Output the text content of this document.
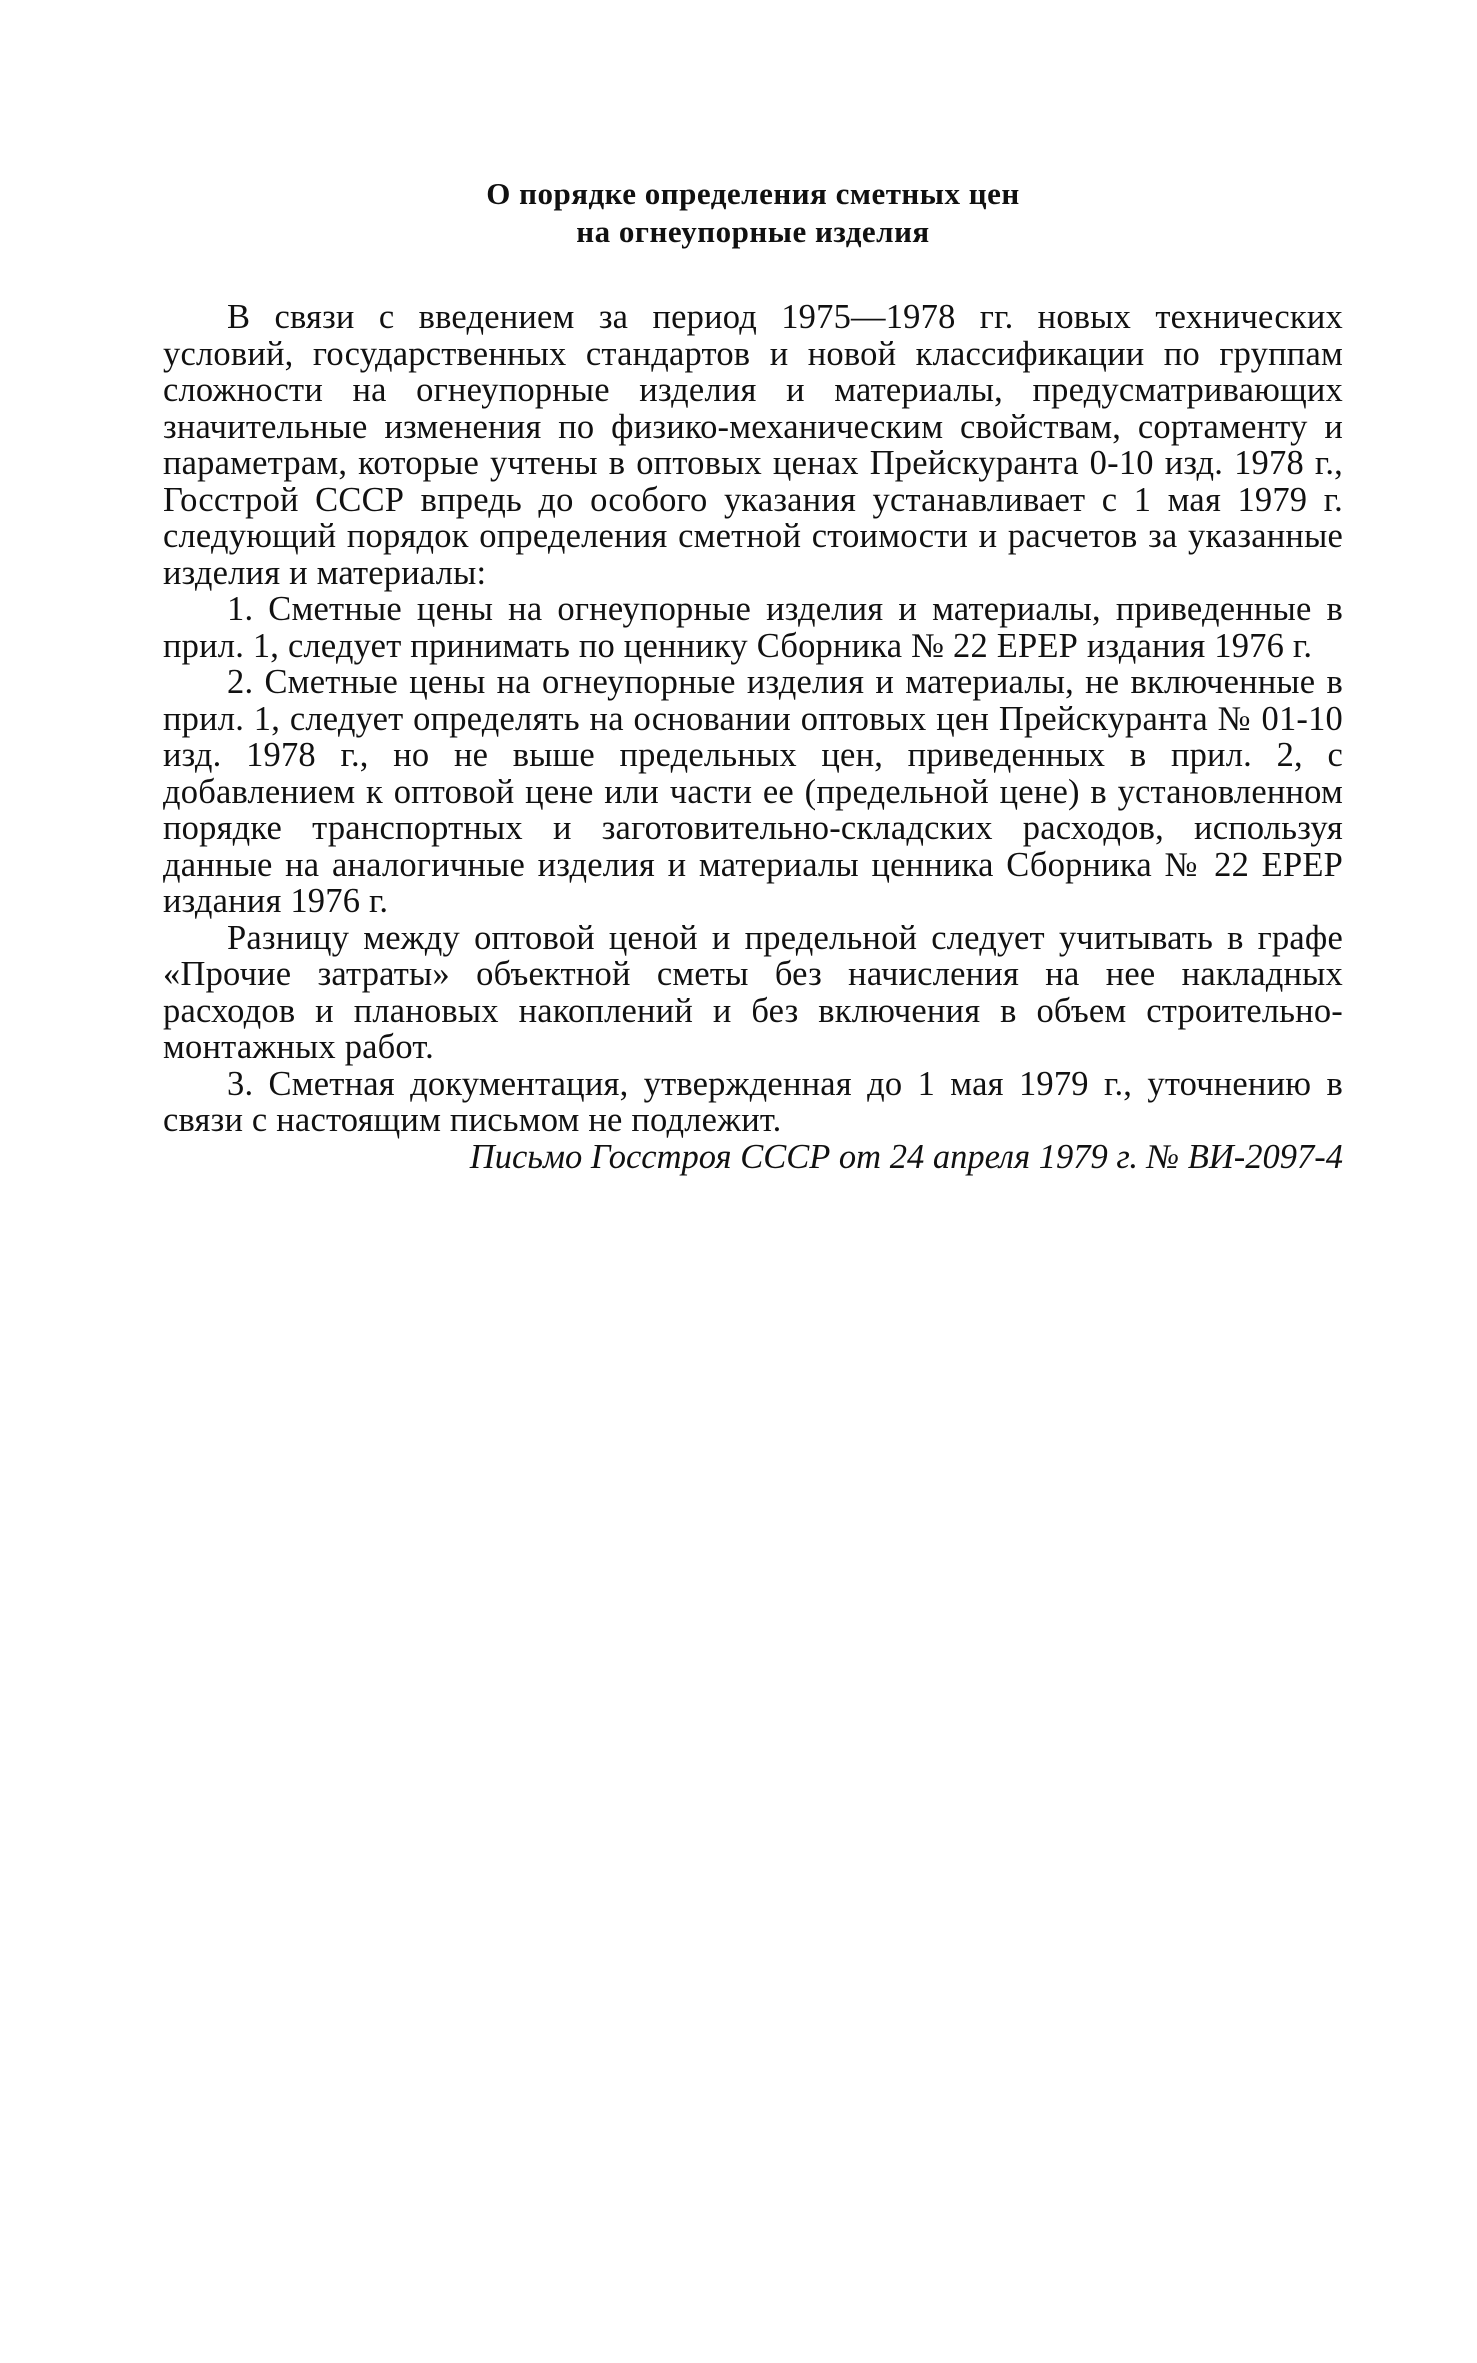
О порядке определения сметных цен
на огнеупорные изделия

В связи с введением за период 1975—1978 гг. новых технических условий, государственных стандартов и новой классификации по группам сложности на огнеупорные изделия и материалы, предусматривающих значительные изменения по физико-механическим свойствам, сортаменту и параметрам, которые учтены в оптовых ценах Прейскуранта 0-10 изд. 1978 г., Госстрой СССР впредь до особого указания устанавливает с 1 мая 1979 г. следующий порядок определения сметной стоимости и расчетов за указанные изделия и материалы:

1. Сметные цены на огнеупорные изделия и материалы, приведенные в прил. 1, следует принимать по ценнику Сборника № 22 ЕРЕР издания 1976 г.

2. Сметные цены на огнеупорные изделия и материалы, не включенные в прил. 1, следует определять на основании оптовых цен Прейскуранта № 01-10 изд. 1978 г., но не выше предельных цен, приведенных в прил. 2, с добавлением к оптовой цене или части ее (предельной цене) в установленном порядке транспортных и заготовительно-складских расходов, используя данные на аналогичные изделия и материалы ценника Сборника № 22 ЕРЕР издания 1976 г.

Разницу между оптовой ценой и предельной следует учитывать в графе «Прочие затраты» объектной сметы без начисления на нее накладных расходов и плановых накоплений и без включения в объем строительно-монтажных работ.

3. Сметная документация, утвержденная до 1 мая 1979 г., уточнению в связи с настоящим письмом не подлежит.

Письмо Госстроя СССР от 24 апреля 1979 г. № ВИ-2097-4
